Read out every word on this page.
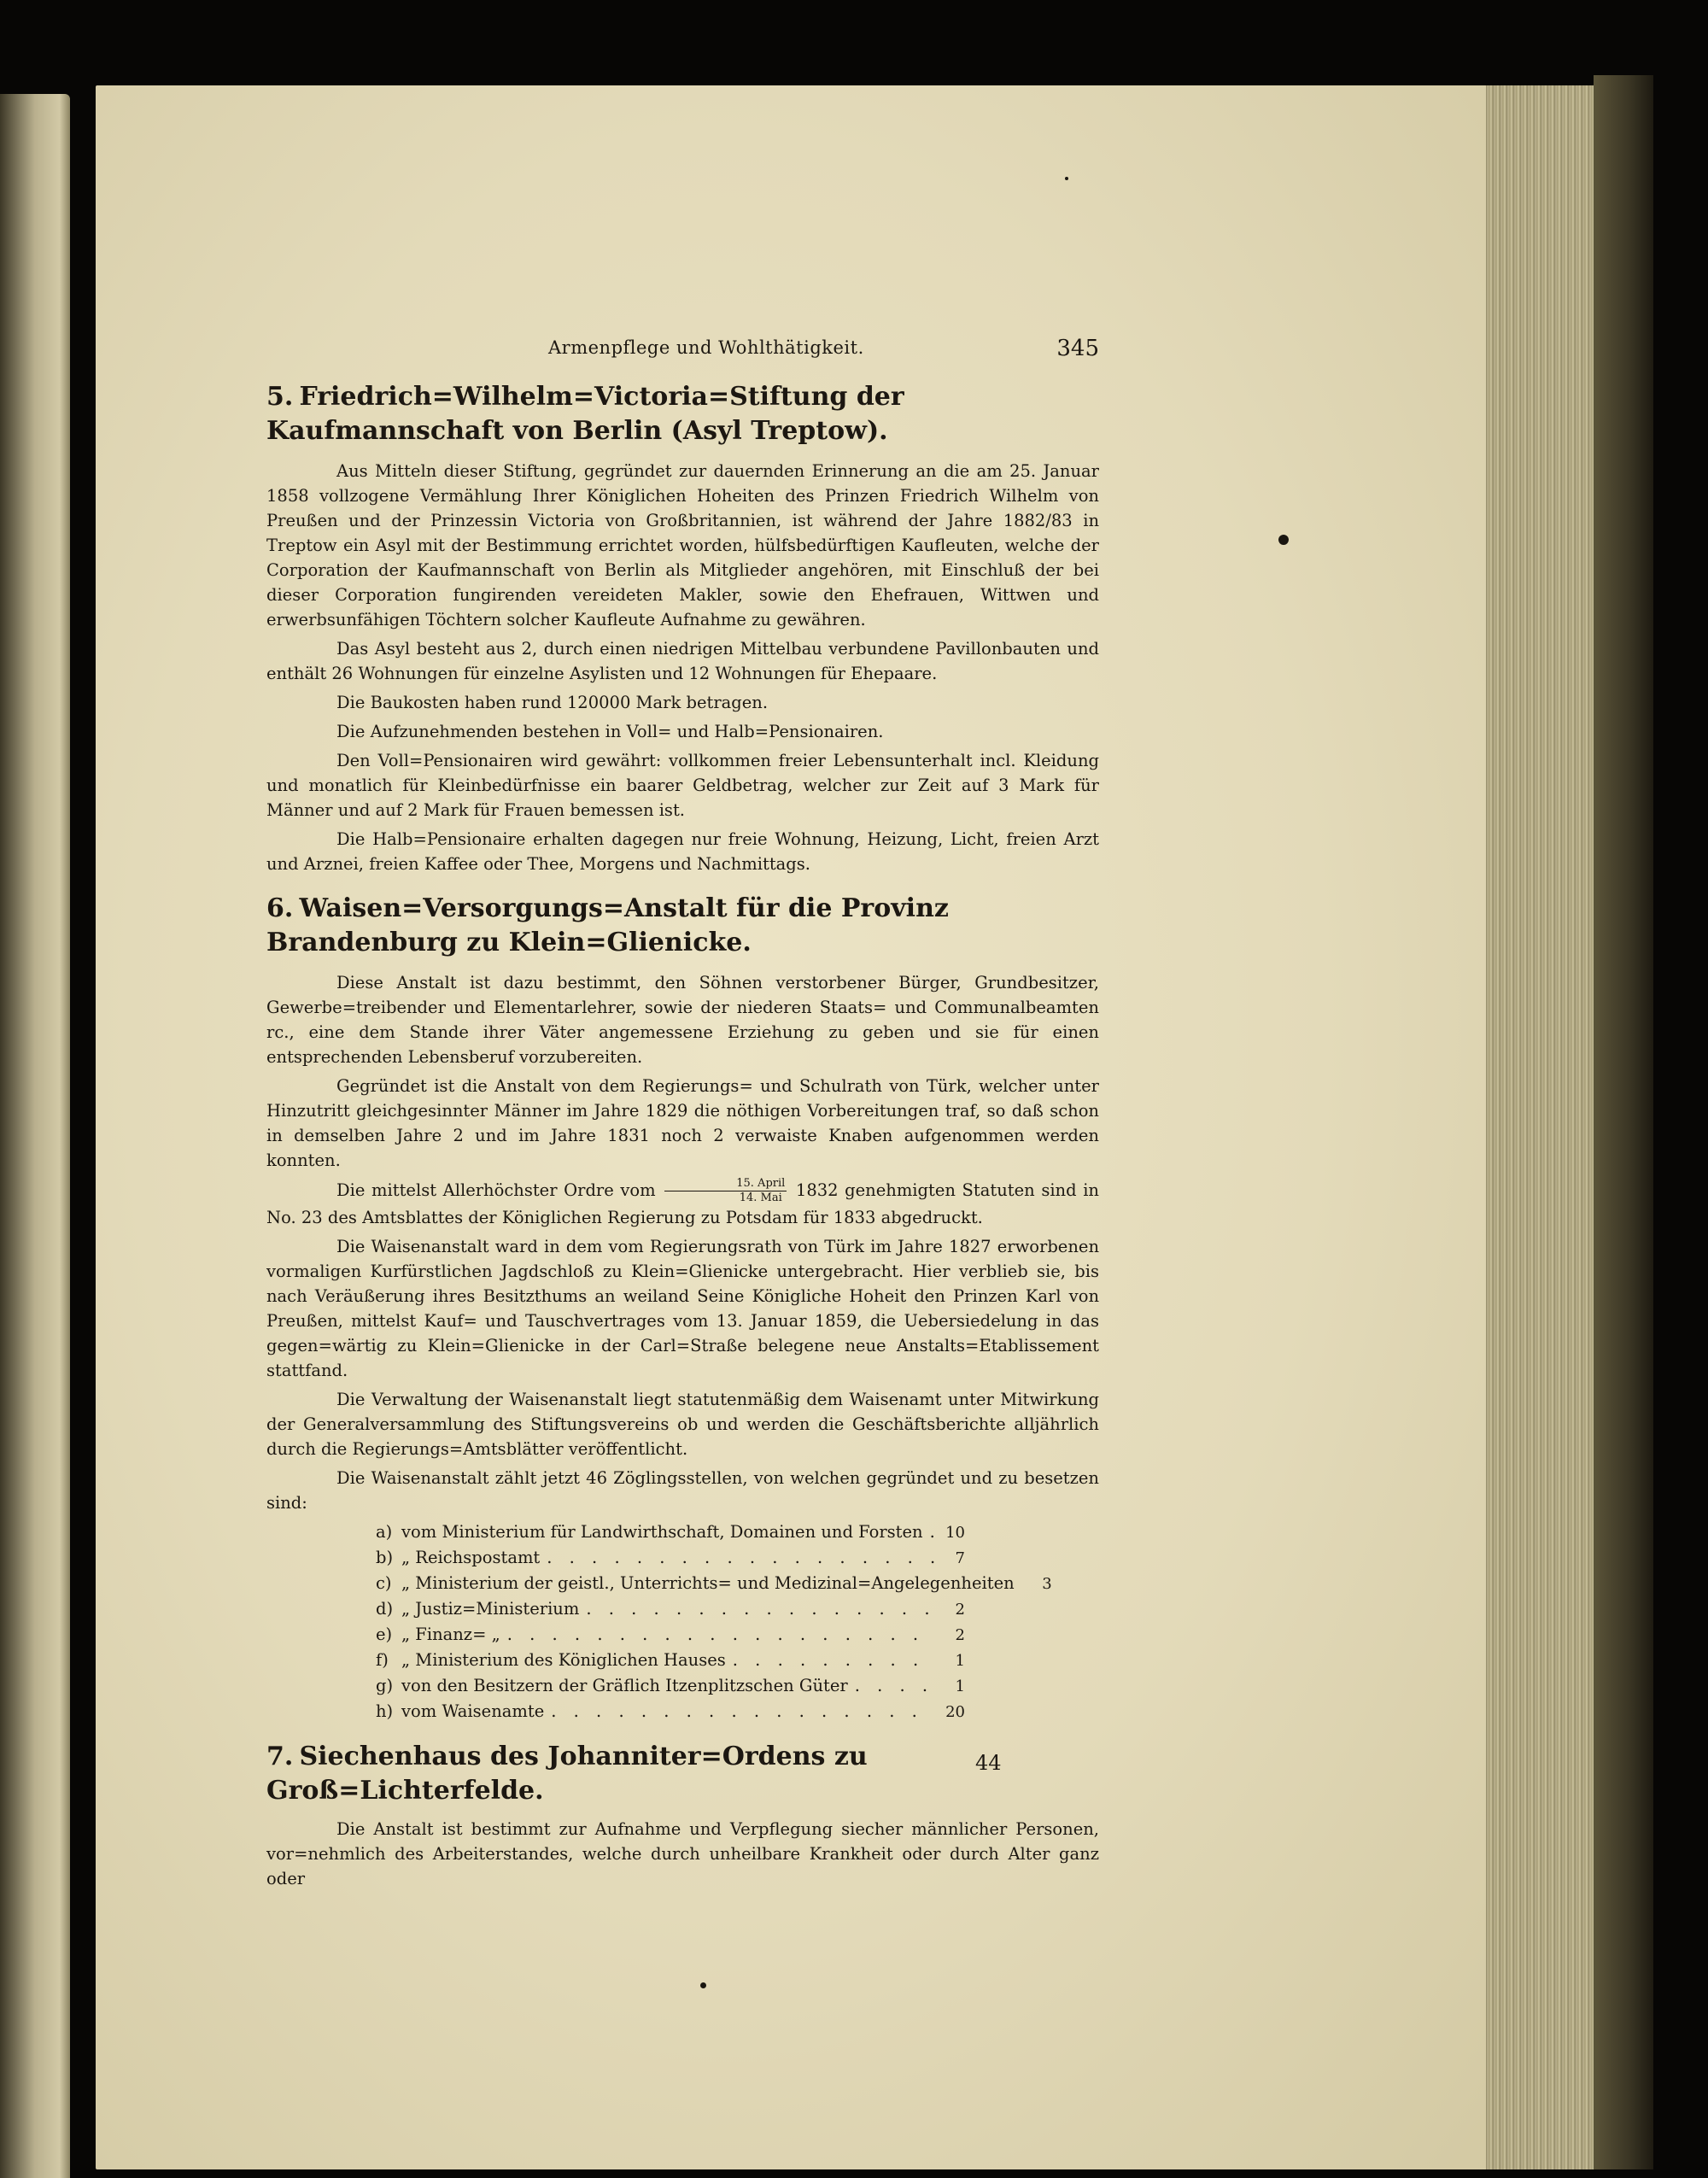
Armenpflege und Wohlthätigkeit.	345
5. Friedrich=Wilhelm=Victoria=Stiftung der Kaufmannschaft von Berlin (Asyl Treptow).

Aus Mitteln dieser Stiftung, gegründet zur dauernden Erinnerung an die am 25. Januar 1858 vollzogene Vermählung Ihrer Königlichen Hoheiten des Prinzen Friedrich Wilhelm von Preußen und der Prinzessin Victoria von Großbritannien, ist während der Jahre 1882/83 in Treptow ein Asyl mit der Bestimmung errichtet worden, hülfsbedürftigen Kaufleuten, welche der Corporation der Kaufmannschaft von Berlin als Mitglieder angehören, mit Einschluß der bei dieser Corporation fungirenden vereideten Makler, sowie den Ehefrauen, Wittwen und erwerbsunfähigen Töchtern solcher Kaufleute Aufnahme zu gewähren.

Das Asyl besteht aus 2, durch einen niedrigen Mittelbau verbundene Pavillonbauten und enthält 26 Wohnungen für einzelne Asylisten und 12 Wohnungen für Ehepaare.

Die Baukosten haben rund 120000 Mark betragen.

Die Aufzunehmenden bestehen in Voll= und Halb=Pensionairen.

Den Voll=Pensionairen wird gewährt: vollkommen freier Lebensunterhalt incl. Kleidung und monatlich für Kleinbedürfnisse ein baarer Geldbetrag, welcher zur Zeit auf 3 Mark für Männer und auf 2 Mark für Frauen bemessen ist.

Die Halb=Pensionaire erhalten dagegen nur freie Wohnung, Heizung, Licht, freien Arzt und Arznei, freien Kaffee oder Thee, Morgens und Nachmittags.

6. Waisen=Versorgungs=Anstalt für die Provinz Brandenburg zu Klein=Glienicke.

Diese Anstalt ist dazu bestimmt, den Söhnen verstorbener Bürger, Grundbesitzer, Gewerbe=treibender und Elementarlehrer, sowie der niederen Staats= und Communalbeamten rc., eine dem Stande ihrer Väter angemessene Erziehung zu geben und sie für einen entsprechenden Lebensberuf vorzubereiten.

Gegründet ist die Anstalt von dem Regierungs= und Schulrath von Türk, welcher unter Hinzutritt gleichgesinnter Männer im Jahre 1829 die nöthigen Vorbereitungen traf, so daß schon in demselben Jahre 2 und im Jahre 1831 noch 2 verwaiste Knaben aufgenommen werden konnten.

Die mittelst Allerhöchster Ordre vom $\frac{\text{15. April}}{\text{14. Mai}} 1832$ genehmigten Statuten sind in No. 23 des Amtsblattes der Königlichen Regierung zu Potsdam für 1833 abgedruckt.

Die Waisenanstalt ward in dem vom Regierungsrath von Türk im Jahre 1827 erworbenen vormaligen Kurfürstlichen Jagdschloß zu Klein=Glienicke untergebracht. Hier verblieb sie, bis nach Veräußerung ihres Besitzthums an weiland Seine Königliche Hoheit den Prinzen Karl von Preußen, mittelst Kauf= und Tauschvertrages vom 13. Januar 1859, die Uebersiedelung in das gegen=wärtig zu Klein=Glienicke in der Carl=Straße belegene neue Anstalts=Etablissement stattfand.

Die Verwaltung der Waisenanstalt liegt statutenmäßig dem Waisenamt unter Mitwirkung der Generalversammlung des Stiftungsvereins ob und werden die Geschäftsberichte alljährlich durch die Regierungs=Amtsblätter veröffentlicht.

Die Waisenanstalt zählt jetzt 46 Zöglingsstellen, von welchen gegründet und zu besetzen sind:

a) vom Ministerium für Landwirthschaft, Domainen und Forsten . . . 10
b) „ Reichspostamt . . .	7
c) „ Ministerium der geistl., Unterrichts= und Medizinal=Angelegenheiten	3
d) „ Justiz=Ministerium . . .	2
e) „ Finanz= „ . . .	2
f) „ Ministerium des Königlichen Hauses . . .	1
g) von den Besitzern der Gräflich Itzenplitzschen Güter . . .	1
h) vom Waisenamte . . .	20
7. Siechenhaus des Johanniter=Ordens zu Groß=Lichterfelde.

Die Anstalt ist bestimmt zur Aufnahme und Verpflegung siecher männlicher Personen, vor=nehmlich des Arbeiterstandes, welche durch unheilbare Krankheit oder durch Alter ganz oder

44
